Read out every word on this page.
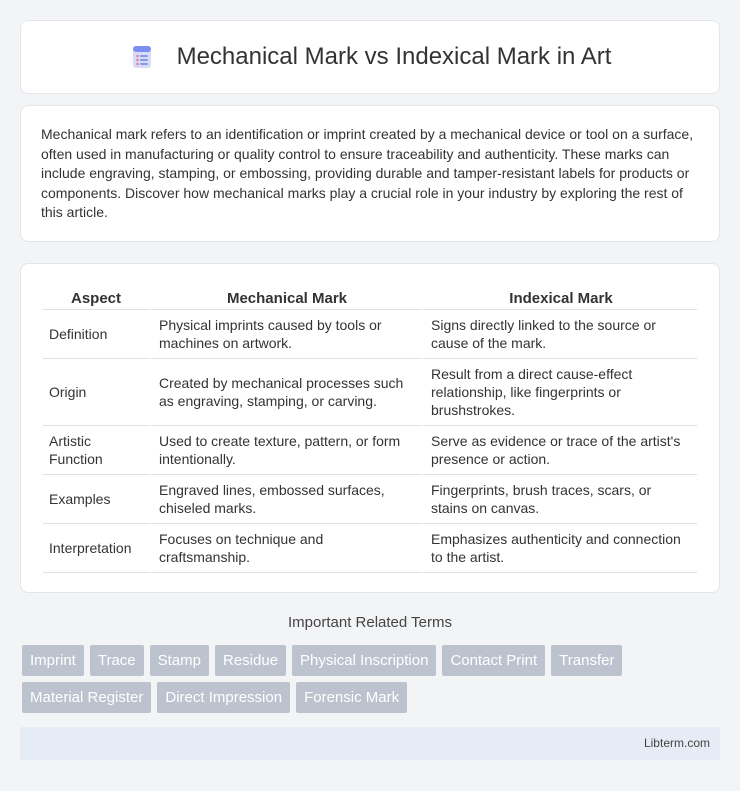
Mechanical Mark vs Indexical Mark in Art

Mechanical mark refers to an identification or imprint created by a mechanical device or tool on a surface, often used in manufacturing or quality control to ensure traceability and authenticity. These marks can include engraving, stamping, or embossing, providing durable and tamper-resistant labels for products or components. Discover how mechanical marks play a crucial role in your industry by exploring the rest of this article.

Aspect	Mechanical Mark	Indexical Mark
Definition	Physical imprints caused by tools or machines on artwork.	Signs directly linked to the source or cause of the mark.
Origin	Created by mechanical processes such as engraving, stamping, or carving.	Result from a direct cause-effect relationship, like fingerprints or brushstrokes.
Artistic Function	Used to create texture, pattern, or form intentionally.	Serve as evidence or trace of the artist's presence or action.
Examples	Engraved lines, embossed surfaces, chiseled marks.	Fingerprints, brush traces, scars, or stains on canvas.
Interpretation	Focuses on technique and craftsmanship.	Emphasizes authenticity and connection to the artist.
Important Related Terms
Imprint	Trace	Stamp	Residue	Physical Inscription	Contact Print	Transfer
Material Register	Direct Impression	Forensic Mark
Libterm.com
